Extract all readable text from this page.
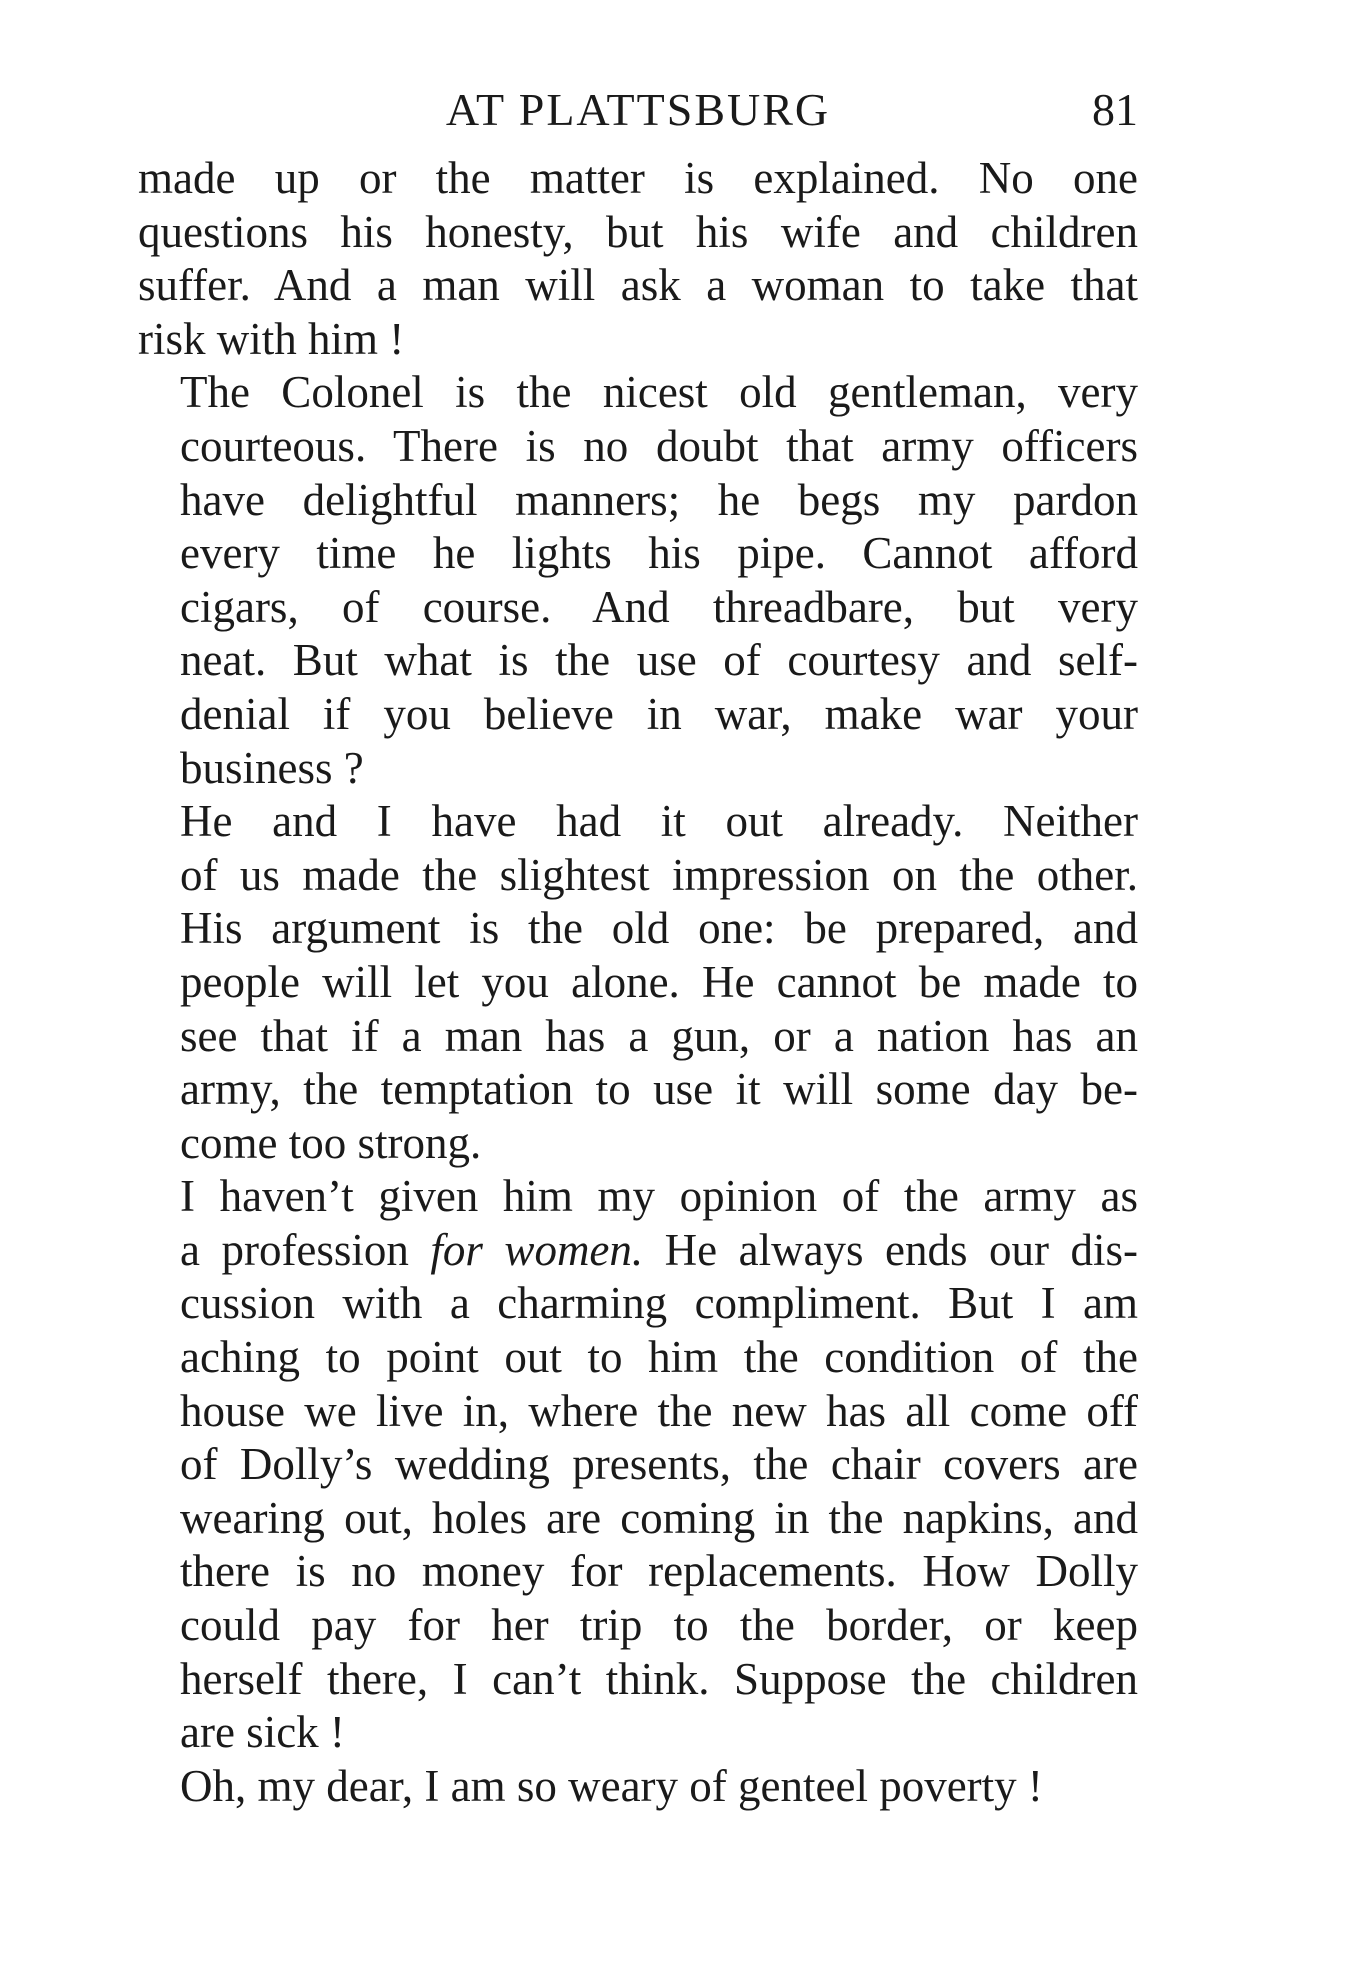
AT PLATTSBURG	81

made up or the matter is explained. No one
questions his honesty, but his wife and children
suffer. And a man will ask a woman to take that
risk with him !

The Colonel is the nicest old gentleman, very
courteous. There is no doubt that army officers
have delightful manners; he begs my pardon
every time he lights his pipe. Cannot afford
cigars, of course. And threadbare, but very
neat. But what is the use of courtesy and self-
denial if you believe in war, make war your
business ?

He and I have had it out already. Neither
of us made the slightest impression on the other.
His argument is the old one: be prepared, and
people will let you alone. He cannot be made to
see that if a man has a gun, or a nation has an
army, the temptation to use it will some day be-
come too strong.

I haven’t given him my opinion of the army as
a profession for women. He always ends our dis-
cussion with a charming compliment. But I am
aching to point out to him the condition of the
house we live in, where the new has all come off
of Dolly’s wedding presents, the chair covers are
wearing out, holes are coming in the napkins, and
there is no money for replacements. How Dolly
could pay for her trip to the border, or keep
herself there, I can’t think. Suppose the children
are sick !

Oh, my dear, I am so weary of genteel poverty !
